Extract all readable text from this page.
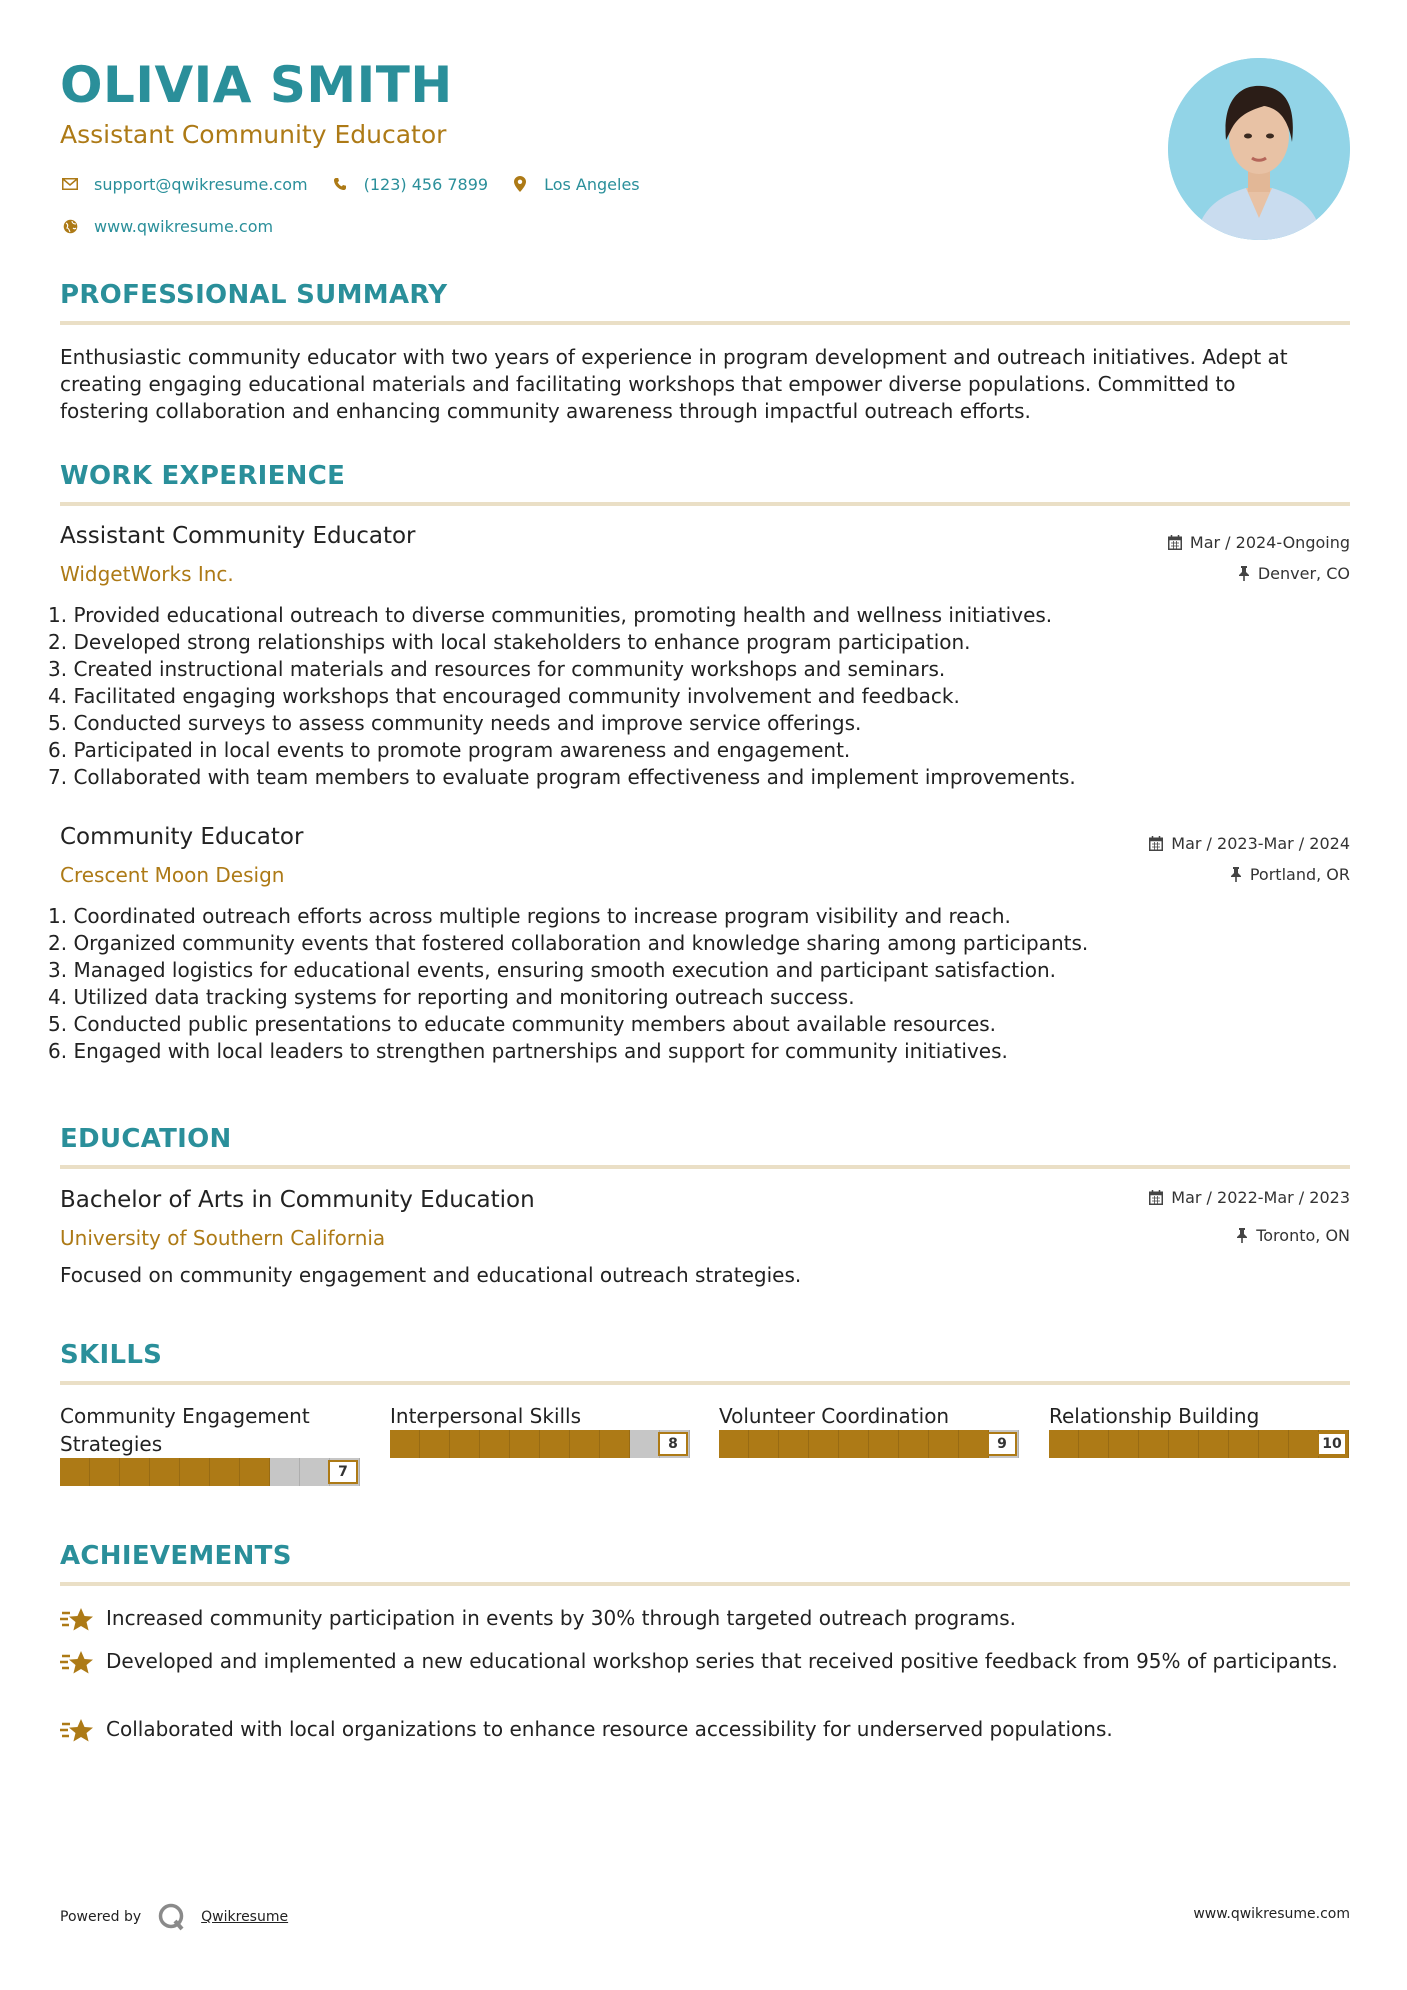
OLIVIA SMITH
Assistant Community Educator
support@qwikresume.com	(123) 456 7899	Los Angeles
www.qwikresume.com
PROFESSIONAL SUMMARY
Enthusiastic community educator with two years of experience in program development and outreach initiatives. Adept at
creating engaging educational materials and facilitating workshops that empower diverse populations. Committed to
fostering collaboration and enhancing community awareness through impactful outreach efforts.
WORK EXPERIENCE
Assistant Community Educator
WidgetWorks Inc.
Mar / 2024-Ongoing
Denver, CO
1. Provided educational outreach to diverse communities, promoting health and wellness initiatives.
2. Developed strong relationships with local stakeholders to enhance program participation.
3. Created instructional materials and resources for community workshops and seminars.
4. Facilitated engaging workshops that encouraged community involvement and feedback.
5. Conducted surveys to assess community needs and improve service offerings.
6. Participated in local events to promote program awareness and engagement.
7. Collaborated with team members to evaluate program effectiveness and implement improvements.
Community Educator
Crescent Moon Design
Mar / 2023-Mar / 2024
Portland, OR
1. Coordinated outreach efforts across multiple regions to increase program visibility and reach.
2. Organized community events that fostered collaboration and knowledge sharing among participants.
3. Managed logistics for educational events, ensuring smooth execution and participant satisfaction.
4. Utilized data tracking systems for reporting and monitoring outreach success.
5. Conducted public presentations to educate community members about available resources.
6. Engaged with local leaders to strengthen partnerships and support for community initiatives.
EDUCATION
Bachelor of Arts in Community Education
University of Southern California
Mar / 2022-Mar / 2023
Toronto, ON
Focused on community engagement and educational outreach strategies.
SKILLS
Community Engagement Strategies
7
Interpersonal Skills
8
Volunteer Coordination
9
Relationship Building
10
ACHIEVEMENTS
Increased community participation in events by 30% through targeted outreach programs.
Developed and implemented a new educational workshop series that received positive feedback from 95% of participants.
Collaborated with local organizations to enhance resource accessibility for underserved populations.
Powered by	Qwikresume	www.qwikresume.com
